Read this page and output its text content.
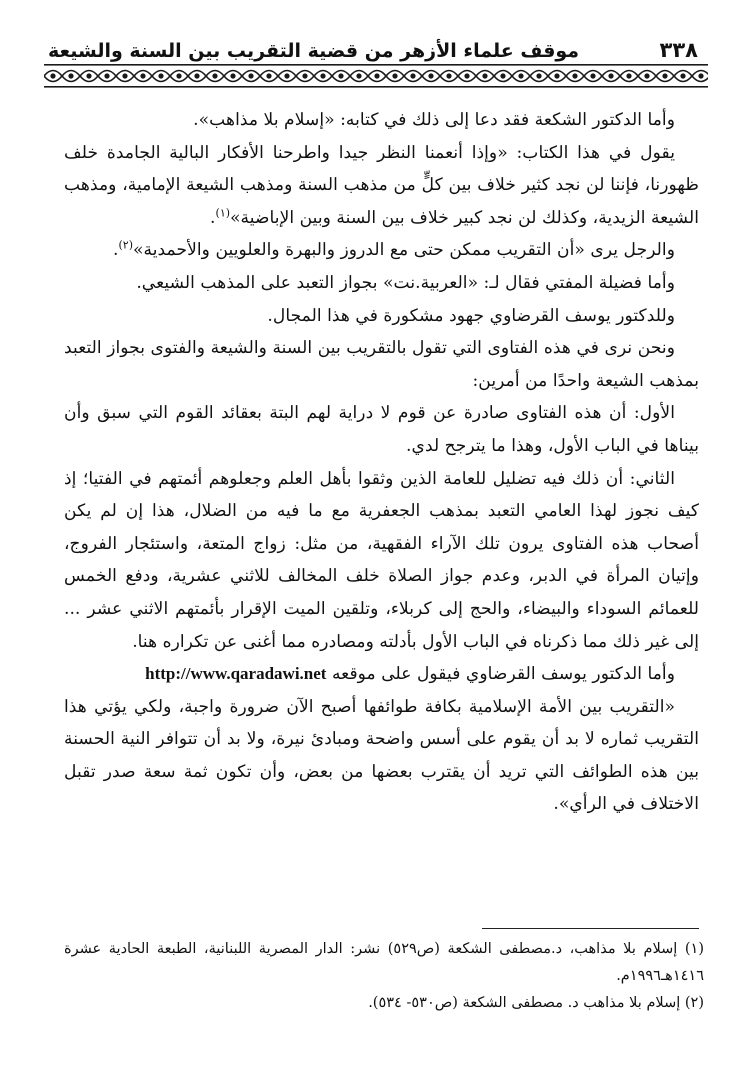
موقف علماء الأزهر من قضية التقريب بين السنة والشيعة	٣٣٨

وأما الدكتور الشكعة فقد دعا إلى ذلك في كتابه: «إسلام بلا مذاهب».

يقول في هذا الكتاب: «وإذا أنعمنا النظر جيدا واطرحنا الأفكار البالية الجامدة خلف ظهورنا، فإننا لن نجد كثير خلاف بين كلٍّ من مذهب السنة ومذهب الشيعة الإمامية، ومذهب الشيعة الزيدية، وكذلك لن نجد كبير خلاف بين السنة وبين الإباضية»$^{(١)}$.

والرجل يرى «أن التقريب ممكن حتى مع الدروز والبهرة والعلويين والأحمدية»$^{(٢)}$.

وأما فضيلة المفتي فقال لـ: «العربية.نت» بجواز التعبد على المذهب الشيعي.

وللدكتور يوسف القرضاوي جهود مشكورة في هذا المجال.

ونحن نرى في هذه الفتاوى التي تقول بالتقريب بين السنة والشيعة والفتوى بجواز التعبد بمذهب الشيعة واحدًا من أمرين:

الأول: أن هذه الفتاوى صادرة عن قوم لا دراية لهم البتة بعقائد القوم التي سبق وأن بيناها في الباب الأول، وهذا ما يترجح لدي.

الثاني: أن ذلك فيه تضليل للعامة الذين وثقوا بأهل العلم وجعلوهم أئمتهم في الفتيا؛ إذ كيف نجوز لهذا العامي التعبد بمذهب الجعفرية مع ما فيه من الضلال، هذا إن لم يكن أصحاب هذه الفتاوى يرون تلك الآراء الفقهية، من مثل: زواج المتعة، واستئجار الفروج، وإتيان المرأة في الدبر، وعدم جواز الصلاة خلف المخالف للاثني عشرية، ودفع الخمس للعمائم السوداء والبيضاء، والحج إلى كربلاء، وتلقين الميت الإقرار بأئمتهم الاثني عشر ... إلى غير ذلك مما ذكرناه في الباب الأول بأدلته ومصادره مما أغنى عن تكراره هنا.

وأما الدكتور يوسف القرضاوي فيقول على موقعه http://www.qaradawi.net

«التقريب بين الأمة الإسلامية بكافة طوائفها أصبح الآن ضرورة واجبة، ولكي يؤتي هذا التقريب ثماره لا بد أن يقوم على أسس واضحة ومبادئ نيرة، ولا بد أن تتوافر النية الحسنة بين هذه الطوائف التي تريد أن يقترب بعضها من بعض، وأن تكون ثمة سعة صدر تقبل الاختلاف في الرأي».

(١) إسلام بلا مذاهب، د.مصطفى الشكعة (ص٥٢٩) نشر: الدار المصرية اللبنانية، الطبعة الحادية عشرة ١٤١٦هـ١٩٩٦م.

(٢) إسلام بلا مذاهب د. مصطفى الشكعة (ص٥٣٠- ٥٣٤).
